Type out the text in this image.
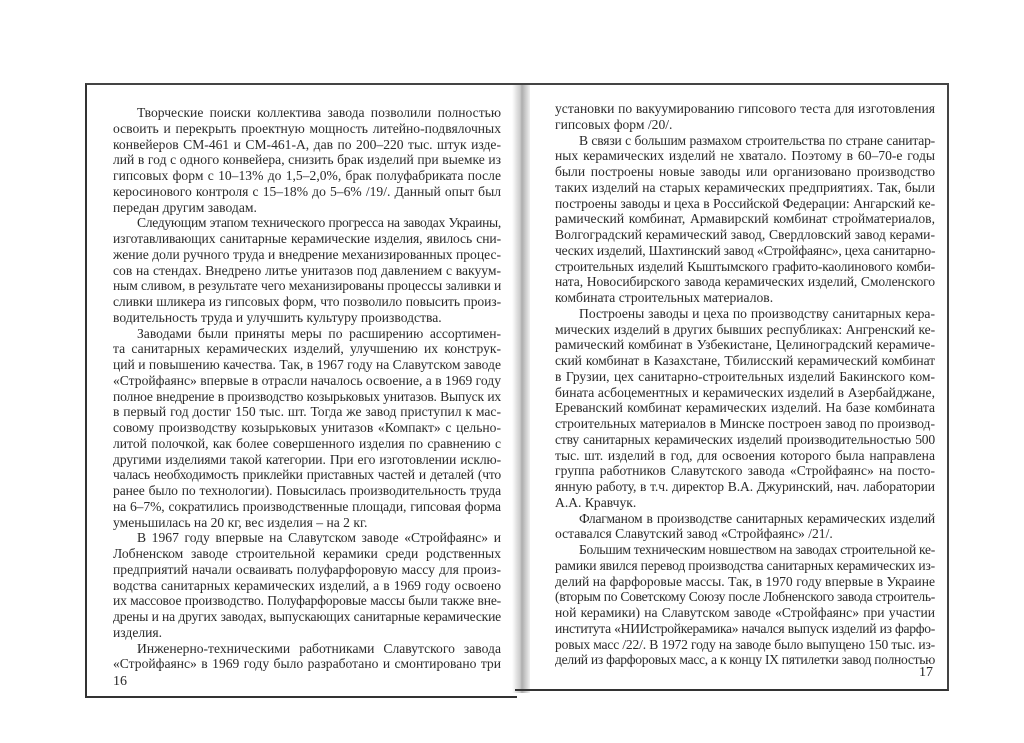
Творческие поиски коллектива завода позволили полностью
освоить и перекрыть проектную мощность литейно-подвялочных
конвейеров СМ-461 и СМ-461-А, дав по 200–220 тыс. штук изде-
лий в год с одного конвейера, снизить брак изделий при выемке из
гипсовых форм с 10–13% до 1,5–2,0%, брак полуфабриката после
керосинового контроля с 15–18% до 5–6% /19/. Данный опыт был
передан другим заводам.
Следующим этапом технического прогресса на заводах Украины,
изготавливающих санитарные керамические изделия, явилось сни-
жение доли ручного труда и внедрение механизированных процес-
сов на стендах. Внедрено литье унитазов под давлением с вакуум-
ным сливом, в результате чего механизированы процессы заливки и
сливки шликера из гипсовых форм, что позволило повысить произ-
водительность труда и улучшить культуру производства.
Заводами были приняты меры по расширению ассортимен-
та санитарных керамических изделий, улучшению их конструк-
ций и повышению качества. Так, в 1967 году на Славутском заводе
«Стройфаянс» впервые в отрасли началось освоение, а в 1969 году
полное внедрение в производство козырьковых унитазов. Выпуск их
в первый год достиг 150 тыс. шт. Тогда же завод приступил к мас-
совому производству козырьковых унитазов «Компакт» с цельно-
литой полочкой, как более совершенного изделия по сравнению с
другими изделиями такой категории. При его изготовлении исклю-
чалась необходимость приклейки приставных частей и деталей (что
ранее было по технологии). Повысилась производительность труда
на 6–7%, сократились производственные площади, гипсовая форма
уменьшилась на 20 кг, вес изделия – на 2 кг.
В 1967 году впервые на Славутском заводе «Стройфаянс» и
Лобненском заводе строительной керамики среди родственных
предприятий начали осваивать полуфарфоровую массу для произ-
водства санитарных керамических изделий, а в 1969 году освоено
их массовое производство. Полуфарфоровые массы были также вне-
дрены и на других заводах, выпускающих санитарные керамические
изделия.
Инженерно-техническими работниками Славутского завода
«Стройфаянс» в 1969 году было разработано и смонтировано три
16
установки по вакуумированию гипсового теста для изготовления
гипсовых форм /20/.
В связи с большим размахом строительства по стране санитар-
ных керамических изделий не хватало. Поэтому в 60–70-е годы
были построены новые заводы или организовано производство
таких изделий на старых керамических предприятиях. Так, были
построены заводы и цеха в Российской Федерации: Ангарский ке-
рамический комбинат, Армавирский комбинат стройматериалов,
Волгоградский керамический завод, Свердловский завод керами-
ческих изделий, Шахтинский завод «Стройфаянс», цеха санитарно-
строительных изделий Кыштымского графито-каолинового комби-
ната, Новосибирского завода керамических изделий, Смоленского
комбината строительных материалов.
Построены заводы и цеха по производству санитарных кера-
мических изделий в других бывших республиках: Ангренский ке-
рамический комбинат в Узбекистане, Целиноградский керамиче-
ский комбинат в Казахстане, Тбилисский керамический комбинат
в Грузии, цех санитарно-строительных изделий Бакинского ком-
бината асбоцементных и керамических изделий в Азербайджане,
Ереванский комбинат керамических изделий. На базе комбината
строительных материалов в Минске построен завод по производ-
ству санитарных керамических изделий производительностью 500
тыс. шт. изделий в год, для освоения которого была направлена
группа работников Славутского завода «Стройфаянс» на посто-
янную работу, в т.ч. директор В.А. Джуринский, нач. лаборатории
А.А. Кравчук.
Флагманом в производстве санитарных керамических изделий
оставался Славутский завод «Стройфаянс» /21/.
Большим техническим новшеством на заводах строительной ке-
рамики явился перевод производства санитарных керамических из-
делий на фарфоровые массы. Так, в 1970 году впервые в Украине
(вторым по Советскому Союзу после Лобненского завода строитель-
ной керамики) на Славутском заводе «Стройфаянс» при участии
института «НИИстройкерамика» начался выпуск изделий из фарфо-
ровых масс /22/. В 1972 году на заводе было выпущено 150 тыс. из-
делий из фарфоровых масс, а к концу IX пятилетки завод полностью
17
